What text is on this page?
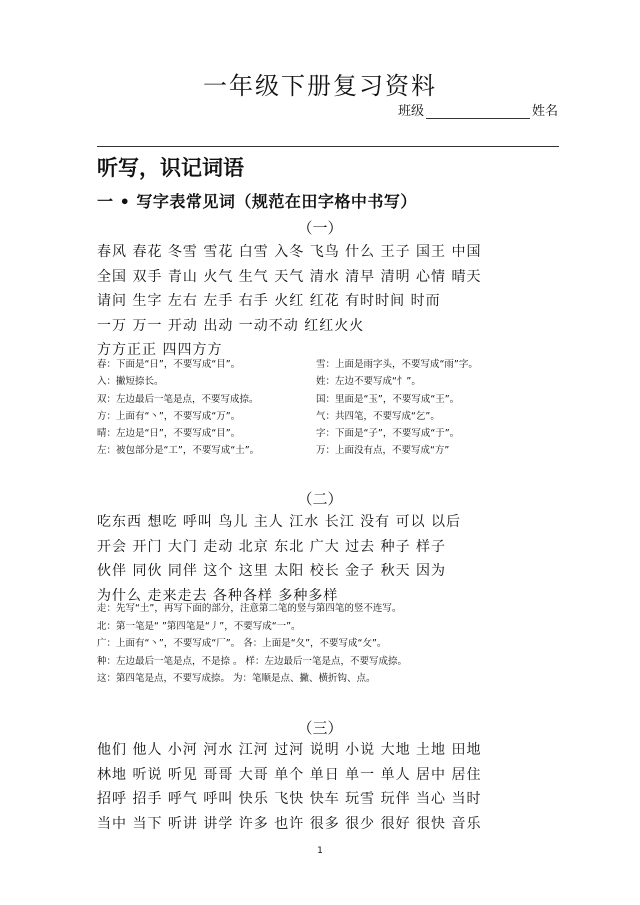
一年级下册复习资料
班级	姓名
听写，识记词语
一 • 写字表常见词（规范在田字格中书写）
（一）
春风 春花 冬雪 雪花 白雪 入冬 飞鸟 什么 王子 国王 中国
全国 双手 青山 火气 生气 天气 清水 清早 清明 心情 晴天
请问 生字 左右 左手 右手 火红 红花 有时时间 时而
一万 万一 开动 出动 一动不动 红红火火
方方正正 四四方方
春：下面是“日”，不要写成“目”。	雪：上面是雨字头，不要写成“雨”字。
入：撇短捺长。	姓：左边不要写成“忄”。
双：左边最后一笔是点，不要写成捺。	国：里面是“玉”，不要写成“王”。
方：上面有“丶”，不要写成“万”。	气：共四笔，不要写成“乞”。
晴：左边是“日”，不要写成“目”。	字：下面是“子”，不要写成“于”。
左：被包部分是“工”，不要写成“土”。	万：上面没有点，不要写成“方”
（二）
吃东西 想吃 呼叫 鸟儿 主人 江水 长江 没有 可以 以后
开会 开门 大门 走动 北京 东北 广大 过去 种子 样子
伙伴 同伙 同伴 这个 这里 太阳 校长 金子 秋天 因为
为什么 走来走去 各种各样 多种多样
走：先写“土”，再写下面的部分，注意第二笔的竖与第四笔的竖不连写。
北：第一笔是“ ”第四笔是“丿”，不要写成“一”。
广：上面有“丶”，不要写成“厂”。 各：上面是“夂”，不要写成“攵”。
种：左边最后一笔是点，不是捺 。 样：左边最后一笔是点，不要写成捺。
这：第四笔是点，不要写成捺。 为：笔顺是点、撇、横折钩、点。
（三）
他们 他人 小河 河水 江河 过河 说明 小说 大地 土地 田地
林地 听说 听见 哥哥 大哥 单个 单日 单一 单人 居中 居住
招呼 招手 呼气 呼叫 快乐 飞快 快车 玩雪 玩伴 当心 当时
当中 当下 听讲 讲学 许多 也许 很多 很少 很好 很快 音乐
1
